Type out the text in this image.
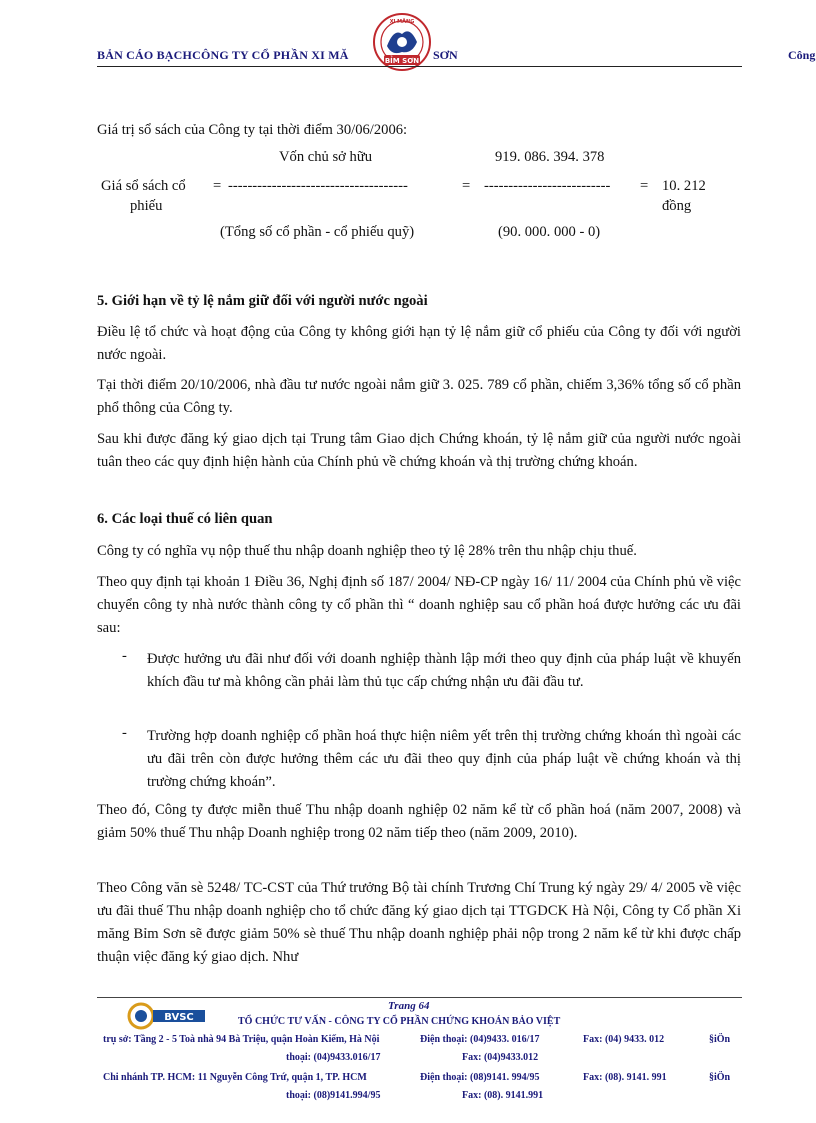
BẢN CÁO BẠCHCÔNG TY CỔ PHẦN XI MĂ	BỈM SƠN
XI MĂNG
SƠN	Công
Giá trị sổ sách của Công ty tại thời điểm 30/06/2006:
Vốn chủ sở hữu	919. 086. 394. 378
Giá sổ sách cổ
phiếu
= -------------------------------------	= -------------------------- = 10. 212
đồng
(Tổng số cổ phần - cổ phiếu quỹ)	(90. 000. 000 - 0)
5. Giới hạn về tỷ lệ nắm giữ đối với người nước ngoài
Điều lệ tổ chức và hoạt động của Công ty không giới hạn tỷ lệ nắm giữ cổ phiếu của Công ty đối với người nước ngoài.
Tại thời điểm 20/10/2006, nhà đầu tư nước ngoài nắm giữ 3. 025. 789 cổ phần, chiếm 3,36% tổng số cổ phần phổ thông của Công ty.
Sau khi được đăng ký giao dịch tại Trung tâm Giao dịch Chứng khoán, tỷ lệ nắm giữ của người nước ngoài tuân theo các quy định hiện hành của Chính phủ về chứng khoán và thị trường chứng khoán.
6. Các loại thuế có liên quan
Công ty có nghĩa vụ nộp thuế thu nhập doanh nghiệp theo tỷ lệ 28% trên thu nhập chịu thuế.
Theo quy định tại khoản 1 Điều 36, Nghị định số 187/ 2004/ NĐ-CP ngày 16/ 11/ 2004 của Chính phủ về việc chuyển công ty nhà nước thành công ty cổ phần thì “ doanh nghiệp sau cổ phần hoá được hưởng các ưu đãi sau:
- Được hưởng ưu đãi như đối với doanh nghiệp thành lập mới theo quy định của pháp luật về khuyến khích đầu tư mà không cần phải làm thủ tục cấp chứng nhận ưu đãi đầu tư.
- Trường hợp doanh nghiệp cổ phần hoá thực hiện niêm yết trên thị trường chứng khoán thì ngoài các ưu đãi trên còn được hưởng thêm các ưu đãi theo quy định của pháp luật về chứng khoán và thị trường chứng khoán”.
Theo đó, Công ty được miễn thuế Thu nhập doanh nghiệp 02 năm kể từ cổ phần hoá (năm 2007, 2008) và giảm 50% thuế Thu nhập Doanh nghiệp trong 02 năm tiếp theo (năm 2009, 2010).
Theo Công văn sè 5248/ TC-CST của Thứ trưởng Bộ tài chính Trương Chí Trung ký ngày 29/ 4/ 2005 về việc ưu đãi thuế Thu nhập doanh nghiệp cho tổ chức đăng ký giao dịch tại TTGDCK Hà Nội, Công ty Cổ phần Xi măng Bỉm Sơn sẽ được giảm 50% sè thuế Thu nhập doanh nghiệp phải nộp trong 2 năm kể từ khi được chấp thuận việc đăng ký giao dịch. Như
Trang 64
BVSC	TỔ CHỨC TƯ VẤN - CÔNG TY CỔ PHẦN CHỨNG KHOÁN BẢO VIỆT
trụ sở: Tầng 2 - 5 Toà nhà 94 Bà Triệu, quận Hoàn Kiếm, Hà Nội	Điện thoại: (04)9433. 016/17	Fax: (04) 9433. 012	§iÖn
thoại: (04)9433.016/17	Fax: (04)9433.012
Chi nhánh TP. HCM: 11 Nguyễn Công Trứ, quận 1, TP. HCM	Điện thoại: (08)9141. 994/95	Fax: (08). 9141. 991	§iÖn
thoại: (08)9141.994/95	Fax: (08). 9141.991
